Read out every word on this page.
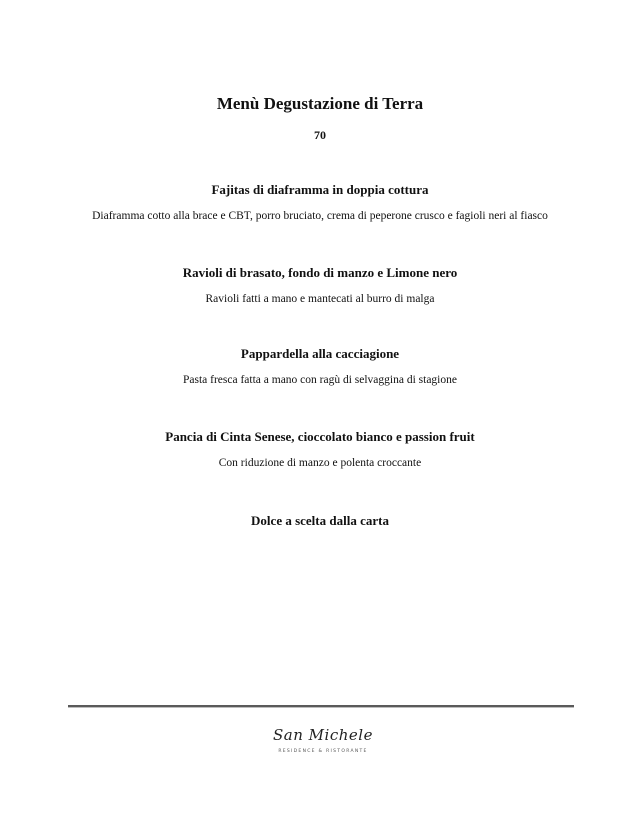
Menù Degustazione di Terra
70
Fajitas di diaframma in doppia cottura
Diaframma cotto alla brace e CBT, porro bruciato, crema di peperone crusco e fagioli neri al fiasco
Ravioli di brasato, fondo di manzo e Limone nero
Ravioli fatti a mano e mantecati al burro di malga
Pappardella alla cacciagione
Pasta fresca fatta a mano con ragù di selvaggina di stagione
Pancia di Cinta Senese, cioccolato bianco e passion fruit
Con riduzione di manzo e polenta croccante
Dolce a scelta dalla carta
San Michele
RESIDENCE & RISTORANTE
